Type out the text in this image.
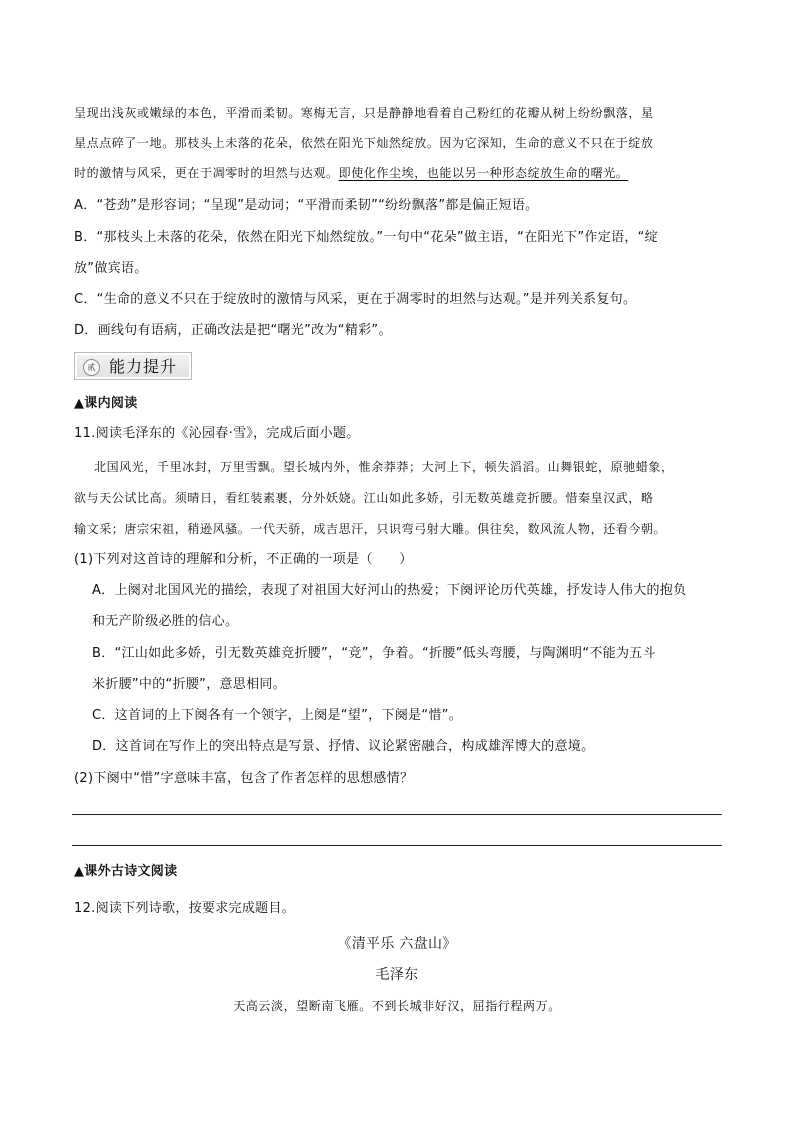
呈现出浅灰或嫩绿的本色，平滑而柔韧。寒梅无言，只是静静地看着自己粉红的花瓣从树上纷纷飘落，星
星点点碎了一地。那枝头上未落的花朵，依然在阳光下灿然绽放。因为它深知，生命的意义不只在于绽放
时的激情与风采，更在于凋零时的坦然与达观。即使化作尘埃，也能以另一种形态绽放生命的曙光。
A．“苍劲”是形容词；“呈现”是动词；“平滑而柔韧”“纷纷飘落”都是偏正短语。
B．“那枝头上未落的花朵，依然在阳光下灿然绽放。”一句中“花朵”做主语，“在阳光下”作定语，“绽
放”做宾语。
C．“生命的意义不只在于绽放时的激情与风采，更在于凋零时的坦然与达观。”是并列关系复句。
D．画线句有语病，正确改法是把“曙光”改为“精彩”。
贰 能力提升
▲课内阅读
11.阅读毛泽东的《沁园春·雪》，完成后面小题。
北国风光，千里冰封，万里雪飘。望长城内外，惟余莽莽；大河上下，顿失滔滔。山舞银蛇，原驰蜡象，
欲与天公试比高。须晴日，看红装素裹，分外妖娆。江山如此多娇，引无数英雄竞折腰。惜秦皇汉武，略
输文采；唐宗宋祖，稍逊风骚。一代天骄，成吉思汗，只识弯弓射大雕。俱往矣，数风流人物，还看今朝。
(1)下列对这首诗的理解和分析，不正确的一项是（　　）
A．上阕对北国风光的描绘，表现了对祖国大好河山的热爱；下阕评论历代英雄，抒发诗人伟大的抱负
和无产阶级必胜的信心。
B．“江山如此多娇，引无数英雄竞折腰”，“竞”，争着。“折腰”低头弯腰，与陶渊明“不能为五斗
米折腰”中的“折腰”，意思相同。
C．这首词的上下阕各有一个领字，上阕是“望”，下阕是“惜”。
D．这首词在写作上的突出特点是写景、抒情、议论紧密融合，构成雄浑博大的意境。
(2)下阕中“惜”字意味丰富，包含了作者怎样的思想感情？
▲课外古诗文阅读
12.阅读下列诗歌，按要求完成题目。
《清平乐 六盘山》
毛泽东
天高云淡，望断南飞雁。不到长城非好汉，屈指行程两万。
